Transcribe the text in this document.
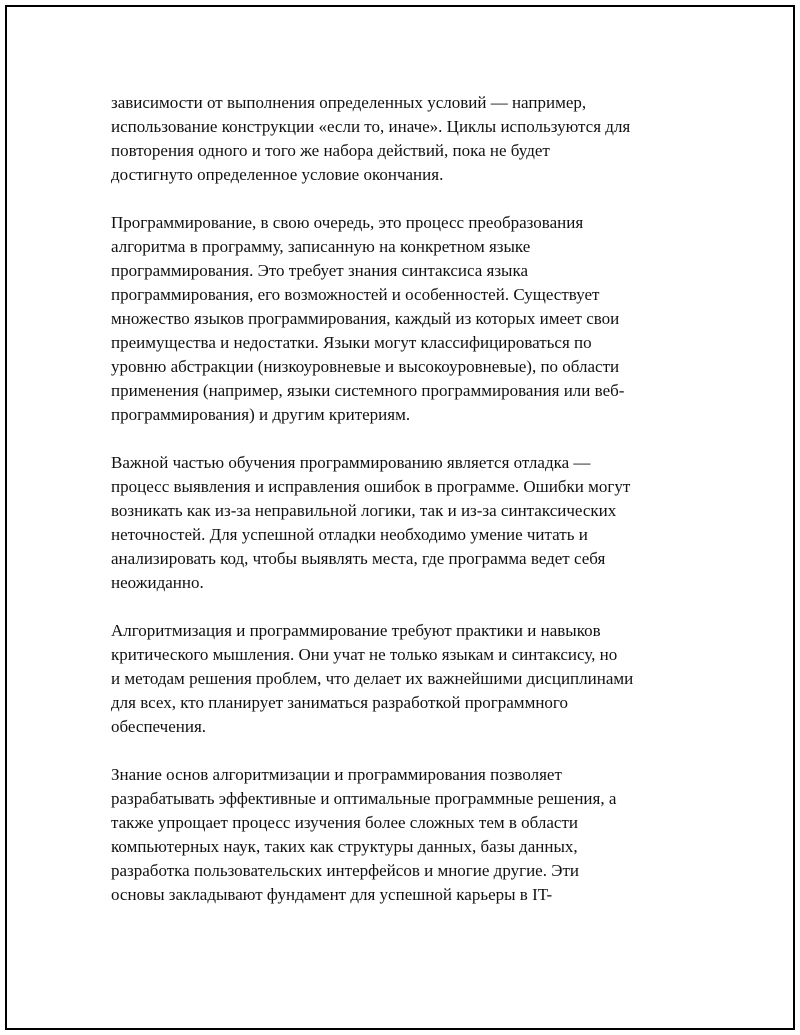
зависимости от выполнения определенных условий — например,
использование конструкции «если то, иначе». Циклы используются для
повторения одного и того же набора действий, пока не будет
достигнуто определенное условие окончания.

Программирование, в свою очередь, это процесс преобразования
алгоритма в программу, записанную на конкретном языке
программирования. Это требует знания синтаксиса языка
программирования, его возможностей и особенностей. Существует
множество языков программирования, каждый из которых имеет свои
преимущества и недостатки. Языки могут классифицироваться по
уровню абстракции (низкоуровневые и высокоуровневые), по области
применения (например, языки системного программирования или веб-
программирования) и другим критериям.

Важной частью обучения программированию является отладка —
процесс выявления и исправления ошибок в программе. Ошибки могут
возникать как из-за неправильной логики, так и из-за синтаксических
неточностей. Для успешной отладки необходимо умение читать и
анализировать код, чтобы выявлять места, где программа ведет себя
неожиданно.

Алгоритмизация и программирование требуют практики и навыков
критического мышления. Они учат не только языкам и синтаксису, но
и методам решения проблем, что делает их важнейшими дисциплинами
для всех, кто планирует заниматься разработкой программного
обеспечения.

Знание основ алгоритмизации и программирования позволяет
разрабатывать эффективные и оптимальные программные решения, а
также упрощает процесс изучения более сложных тем в области
компьютерных наук, таких как структуры данных, базы данных,
разработка пользовательских интерфейсов и многие другие. Эти
основы закладывают фундамент для успешной карьеры в IT-
